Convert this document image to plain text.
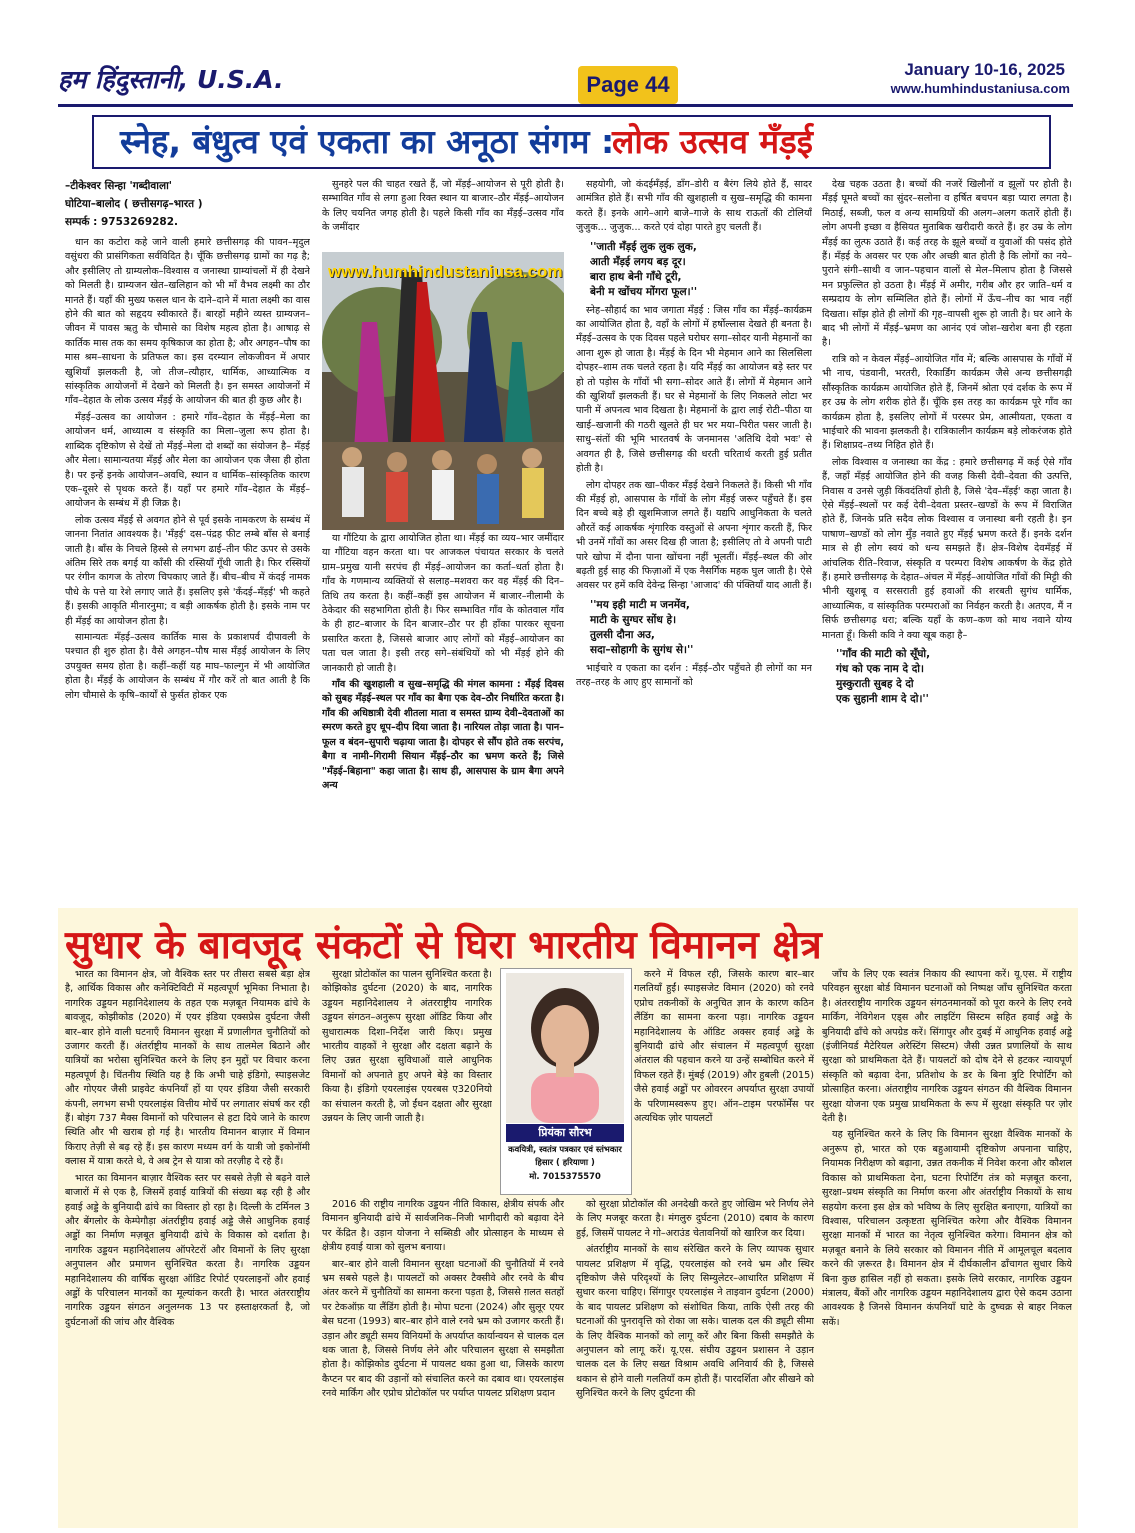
हम हिंदुस्तानी, U.S.A.	Page 44
January 10-16, 2025
www.humhindustaniusa.com
स्नेह, बंधुत्व एवं एकता का अनूठा संगम :
लोक उत्सव मँड़ई

–टीकेश्वर सिन्हा 'गब्दीवाला'

घोटिया–बालोद ( छत्तीसगढ़–भारत )

सम्पर्क : 9753269282.

धान का कटोरा कहे जाने वाली हमारे छत्तीसगढ़ की पावन–मृदुल वसुंधरा की प्रासंगिकता सर्वविदित है। चूँकि छत्तीसगढ़ ग्रामों का गढ़ है; और इसीलिए तो ग्राम्यलोक–विश्वास व जनास्था ग्राम्यांचलों में ही देखने को मिलती है। ग्राम्यजन खेत–खलिहान को भी माँ वैभव लक्ष्मी का ठौर मानते हैं। यहाँ की मुख्य फसल धान के दाने–दाने में माता लक्ष्मी का वास होने की बात को सहृदय स्वीकारते हैं। बारहों महीने व्यस्त ग्राम्यजन–जीवन में पावस ऋतु के चौमासे का विशेष महत्व होता है। आषाढ़ से कार्तिक मास तक का समय कृषिकाज का होता है; और अगहन–पौष का मास श्रम–साधना के प्रतिफल का। इस दरम्यान लोकजीवन में अपार खुशियाँ झलकती है, जो तीज–त्यौहार, धार्मिक, आध्यात्मिक व सांस्कृतिक आयोजनों में देखने को मिलती है। इन समस्त आयोजनों में गाँव–देहात के लोक उत्सव मँड़ई के आयोजन की बात ही कुछ और है।

मँड़ई–उत्सव का आयोजन : हमारे गाँव–देहात के मँड़ई–मेला का आयोजन धर्म, आध्यात्म व संस्कृति का मिला–जुला रूप होता है। शाब्दिक दृष्टिकोण से देखें तो मँड़ई–मेला दो शब्दों का संयोजन है– मँड़ई और मेला। सामान्यतया मँड़ई और मेला का आयोजन एक जैसा ही होता है। पर इन्हें इनके आयोजन–अवधि, स्थान व धार्मिक–सांस्कृतिक कारण एक–दूसरे से पृथक करते हैं। यहाँ पर हमारे गाँव–देहात के मँड़ई–आयोजन के सम्बंध में ही जिक्र है।

लोक उत्सव मँड़ई से अवगत होने से पूर्व इसके नामकरण के सम्बंध में जानना नितांत आवश्यक है। 'मँड़ई' दस–पंद्रह फीट लम्बे बाँस से बनाई जाती है। बाँस के निचले हिस्से से लगभग ढाई–तीन फीट ऊपर से उसके अंतिम सिरे तक बगई या काँसी की रस्सियाँ गूँथी जाती है। फिर रस्सियों पर रंगीन कागज के तोरण चिपकाए जाते हैं। बीच–बीच में कंदई नामक पौधे के पत्ते या रेशे लगाए जाते हैं। इसलिए इसे 'कँदई–मँड़ई' भी कहते हैं। इसकी आकृति मीनारनुमा; व बड़ी आकर्षक होती है। इसके नाम पर ही मँड़ई का आयोजन होता है।

सामान्यतः मँड़ई–उत्सव कार्तिक मास के प्रकाशपर्व दीपावली के पश्चात ही शुरु होता है। वैसे अगहन–पौष मास मँड़ई आयोजन के लिए उपयुक्त समय होता है। कहीं–कहीं यह माघ–फाल्गुन में भी आयोजित होता है। मँड़ई के आयोजन के सम्बंध में गौर करें तो बात आती है कि लोग चौमासे के कृषि–कार्यों से फुर्सत होकर एक

सुनहरे पल की चाहत रखते हैं, जो मँड़ई–आयोजन से पूरी होती है। सम्भावित गाँव से लगा हुआ रिक्त स्थान या बाजार–ठौर मँड़ई–आयोजन के लिए चयनित जगह होती है। पहले किसी गाँव का मँड़ई–उत्सव गाँव के जमींदार

www.humhindustaniusa.com

या गौंटिया के द्वारा आयोजित होता था। मँड़ई का व्यय–भार जमींदार या गौंटिया वहन करता था। पर आजकल पंचायत सरकार के चलते ग्राम–प्रमुख यानी सरपंच ही मँड़ई–आयोजन का कर्ता–धर्ता होता है। गाँव के गणमान्य व्यक्तियों से सलाह–मशवरा कर वह मँड़ई की दिन–तिथि तय करता है। कहीं–कहीं इस आयोजन में बाजार–नीलामी के ठेकेदार की सहभागिता होती है। फिर सम्भावित गाँव के कोतवाल गाँव के ही हाट–बाजार के दिन बाजार–ठौर पर ही हाँका पारकर सूचना प्रसारित करता है, जिससे बाजार आए लोगों को मँड़ई–आयोजन का पता चल जाता है। इसी तरह सगे–संबंधियों को भी मँड़ई होने की जानकारी हो जाती है।

गाँव की खुशहाली व सुख–समृद्धि की मंगल कामना : मँड़ई दिवस को सुबह मँड़ई–स्थल पर गाँव का बैगा एक देव–ठौर निर्धारित करता है। गाँव की अधिष्ठात्री देवी शीतला माता व समस्त ग्राम्य देवी–देवताओं का स्मरण करते हुए धूप–दीप दिया जाता है। नारियल तोड़ा जाता है। पान–फूल व बंदन–सुपारी चढ़ाया जाता है। दोपहर से सौंप होते तक सरपंच, बैगा व नामी–गिरामी सियान मँड़ई–ठौर का भ्रमण करते हैं; जिसे "मँड़ई–बिहाना" कहा जाता है। साथ ही, आसपास के ग्राम बैगा अपने अन्य

सहयोगी, जो कंदईमँड़ई, डाँग–डोरी व बैरंग लिये होते हैं, सादर आमंत्रित होते हैं। सभी गाँव की खुशहाली व सुख–समृद्धि की कामना करते हैं। इनके आगे–आगे बाजे–गाजे के साथ राऊतों की टोलियाँ जुजुक... जुजुक... करते एवं दोहा पारते हुए चलती हैं।

''जाती मँड़ई लुक लुक लुक,
आती मँड़ई लगय बड़ दूर।
बारा हाथ बेनी गाँथे टूरी,
बेनी म खोंचय मोंगरा फूल।''

स्नेह–सौहार्द का भाव जगाता मँड़ई : जिस गाँव का मँड़ई–कार्यक्रम का आयोजित होता है, वहाँ के लोगों में हर्षोल्लास देखते ही बनता है। मँड़ई–उत्सव के एक दिवस पहले घरोघर सगा–सोदर यानी मेहमानों का आना शुरू हो जाता है। मँड़ई के दिन भी मेहमान आने का सिलसिला दोपहर–शाम तक चलते रहता है। यदि मँड़ई का आयोजन बड़े स्तर पर हो तो पड़ोस के गाँवों भी सगा–सोदर आते हैं। लोगों में मेहमान आने की खुशियाँ झलकती हैं। घर से मेहमानों के लिए निकलते लोटा भर पानी में अपनत्व भाव दिखता है। मेहमानों के द्वारा लाई रोटी–पीठा या खाई–खजानी की गठरी खुलते ही घर भर मया–पिरीत पसर जाती है। साधु–संतों की भूमि भारतवर्ष के जनमानस 'अतिथि देवो भवः' से अवगत ही है, जिसे छत्तीसगढ़ की धरती चरितार्थ करती हुई प्रतीत होती है।

लोग दोपहर तक खा–पीकर मँड़ई देखने निकलते हैं। किसी भी गाँव की मँड़ई हो, आसपास के गाँवों के लोग मँड़ई जरूर पहुँचते हैं। इस दिन बच्चे बड़े ही खुशमिजाज लगते हैं। यद्यपि आधुनिकता के चलते औरतें कई आकर्षक शृंगारिक वस्तुओं से अपना शृंगार करती हैं, फिर भी उनमें गाँवों का असर दिख ही जाता है; इसीलिए तो वे अपनी पाटी पारे खोपा में दौना पाना खोंचना नहीं भूलतीं। मँड़ई–स्थल की ओर बढ़ती हुई साह की फिज़ाओं में एक नैसर्गिक महक घुल जाती है। ऐसे अवसर पर हमें कवि देवेन्द्र सिन्हा 'आजाद' की पंक्तियाँ याद आती हैं।

''मय इही माटी म जनमेंव,
माटी के सुग्घर सोंध हे।
तुलसी दौना अउ,
सदा–सोहागी के सुगंध से।''

भाईचारे व एकता का दर्शन : मँड़ई–ठौर पहुँचते ही लोगों का मन तरह–तरह के आए हुए सामानों को

देख चहक उठता है। बच्चों की नजरें खिलौनों व झूलों पर होती है। मँड़ई घूमते बच्चों का सुंदर–सलोना व हर्षित बचपन बड़ा प्यारा लगता है। मिठाई, सब्जी, फल व अन्य सामग्रियों की अलग–अलग कतारें होती हैं। लोग अपनी इच्छा व हैसियत मुताबिक खरीदारी करते हैं। हर उम्र के लोग मँड़ई का लुत्फ उठाते हैं। कई तरह के झूले बच्चों व युवाओं की पसंद होते हैं। मँड़ई के अवसर पर एक और अच्छी बात होती है कि लोगों का नये–पुराने संगी–साथी व जान–पहचान वालों से मेल–मिलाप होता है जिससे मन प्रफुल्लित हो उठता है। मँड़ई में अमीर, गरीब और हर जाति–धर्म व सम्प्रदाय के लोग सम्मिलित होते हैं। लोगों में ऊँच–नीच का भाव नहीं दिखता। साँझ होते ही लोगों की गृह–वापसी शुरू हो जाती है। घर आने के बाद भी लोगों में मँड़ई–भ्रमण का आनंद एवं जोश–खरोश बना ही रहता है।

रात्रि को न केवल मँड़ई–आयोजित गाँव में; बल्कि आसपास के गाँवों में भी नाच, पंडवानी, भरतरी, रिकार्डिंग कार्यक्रम जैसे अन्य छत्तीसगढ़ी सौंस्कृतिक कार्यक्रम आयोजित होते हैं, जिनमें श्रोता एवं दर्शक के रूप में हर उम्र के लोग शरीक होते हैं। चूँकि इस तरह का कार्यक्रम पूरे गाँव का कार्यक्रम होता है, इसलिए लोगों में परस्पर प्रेम, आत्मीयता, एकता व भाईचारे की भावना झलकती है। रात्रिकालीन कार्यक्रम बड़े लोकरंजक होते हैं। शिक्षाप्रद–तथ्य निहित होते हैं।

लोक विश्वास व जनास्था का केंद्र : हमारे छत्तीसगढ़ में कई ऐसे गाँव हैं, जहाँ मँड़ई आयोजित होने की वजह किसी देवी–देवता की उत्पत्ति, निवास व उनसे जुड़ी किंवदंतियाँ होती है, जिसे 'देव–मँड़ई' कहा जाता है। ऐसे मँड़ई–स्थलों पर कई देवी–देवता प्रस्तर–खण्डों के रूप में विराजित होते हैं, जिनके प्रति सदैव लोक विश्वास व जनास्था बनी रहती है। इन पाषाण–खण्डों को लोग मुँड़ नवाते हुए मँड़ई भ्रमण करते हैं। इनके दर्शन मात्र से ही लोग स्वयं को धन्य समझते हैं। क्षेत्र–विशेष देवमँड़ई में आंचलिक रीति–रिवाज, संस्कृति व परम्परा विशेष आकर्षण के केंद्र होते हैं। हमारे छत्तीसगढ़ के देहात–अंचल में मँड़ई–आयोजित गाँवों की मिट्टी की भीनी खुशबू व सरसराती हुई हवाओं की शरबती सुगंध धार्मिक, आध्यात्मिक, व सांस्कृतिक परम्पराओं का निर्वहन करती है। अतएव, मैं न सिर्फ छत्तीसगढ़ धरा; बल्कि यहाँ के कण–कण को माथ नवाने योग्य मानता हूँ। किसी कवि ने क्या खूब कहा है–

''गाँव की माटी को सूँघो,
गंध को एक नाम दे दो।
मुस्कुराती सुबह दे दो
एक सुहानी शाम दे दो।''
सुधार के बावजूद संकटों से घिरा भारतीय विमानन क्षेत्र

भारत का विमानन क्षेत्र, जो वैश्विक स्तर पर तीसरा सबसे बड़ा क्षेत्र है, आर्थिक विकास और कनेक्टिविटी में महत्वपूर्ण भूमिका निभाता है। नागरिक उड्डयन महानिदेशालय के तहत एक मज़बूत नियामक ढांचे के बावजूद, कोझीकोड (2020) में एयर इंडिया एक्सप्रेस दुर्घटना जैसी बार–बार होने वाली घटनाएँ विमानन सुरक्षा में प्रणालीगत चुनौतियों को उजागर करती हैं। अंतर्राष्ट्रीय मानकों के साथ तालमेल बिठाने और यात्रियों का भरोसा सुनिश्चित करने के लिए इन मुद्दों पर विचार करना महत्वपूर्ण है। चिंतनीय स्थिति यह है कि अभी चाहे इंडिगो, स्पाइसजेट और गोएयर जैसी प्राइवेट कंपनियाँ हों या एयर इंडिया जैसी सरकारी कंपनी, लगभग सभी एयरलाइंस वित्तीय मोर्चे पर लगातार संघर्ष कर रही हैं। बोइंग 737 मैक्स विमानों को परिचालन से हटा दिये जाने के कारण स्थिति और भी खराब हो गई है। भारतीय विमानन बाज़ार में विमान किराए तेज़ी से बढ़ रहे हैं। इस कारण मध्यम वर्ग के यात्री जो इकोनॉमी क्लास में यात्रा करते थे, वे अब ट्रेन से यात्रा को तरज़ीह दे रहे हैं।

भारत का विमानन बाज़ार वैश्विक स्तर पर सबसे तेज़ी से बढ़ने वाले बाजारों में से एक है, जिसमें हवाई यात्रियों की संख्या बढ़ रही है और हवाई अड्डे के बुनियादी ढांचे का विस्तार हो रहा है। दिल्ली के टर्मिनल 3 और बेंगलोर के केम्पेगौड़ा अंतर्राष्ट्रीय हवाई अड्डे जैसे आधुनिक हवाई अड्डों का निर्माण मज़बूत बुनियादी ढांचे के विकास को दर्शाता है। नागरिक उड्डयन महानिदेशालय ऑपरेटरों और विमानों के लिए सुरक्षा अनुपालन और प्रमाणन सुनिश्चित करता है। नागरिक उड्डयन महानिदेशालय की वार्षिक सुरक्षा ऑडिट रिपोर्ट एयरलाइनों और हवाई अड्डों के परिचालन मानकों का मूल्यांकन करती है। भारत अंतरराष्ट्रीय नागरिक उड्डयन संगठन अनुलग्नक 13 पर हस्ताक्षरकर्ता है, जो दुर्घटनाओं की जांच और वैश्विक

सुरक्षा प्रोटोकॉल का पालन सुनिश्चित करता है। कोझिकोड दुर्घटना (2020) के बाद, नागरिक उड्डयन महानिदेशालय ने अंतरराष्ट्रीय नागरिक उड्डयन संगठन–अनुरूप सुरक्षा ऑडिट किया और सुधारात्मक दिशा–निर्देश जारी किए। प्रमुख भारतीय वाहकों ने सुरक्षा और दक्षता बढ़ाने के लिए उन्नत सुरक्षा सुविधाओं वाले आधुनिक विमानों को अपनाते हुए अपने बेड़े का विस्तार किया है। इंडिगो एयरलाइंस एयरबस ए320नियो का संचालन करती है, जो ईंधन दक्षता और सुरक्षा उन्नयन के लिए जानी जाती है।

प्रियंका सौरभ
कवयित्री, स्वतंत्र पत्रकार एवं स्तंभकार
हिसार ( हरियाणा )
मो. 7015375570

2016 की राष्ट्रीय नागरिक उड्डयन नीति विकास, क्षेत्रीय संपर्क और विमानन बुनियादी ढांचे में सार्वजनिक–निजी भागीदारी को बढ़ावा देने पर केंद्रित है। उड़ान योजना ने सब्सिडी और प्रोत्साहन के माध्यम से क्षेत्रीय हवाई यात्रा को सुलभ बनाया।

बार–बार होने वाली विमानन सुरक्षा घटनाओं की चुनौतियों में रनवे भ्रम सबसे पहले है। पायलटों को अक्सर टैक्सीवे और रनवे के बीच अंतर करने में चुनौतियों का सामना करना पड़ता है, जिससे ग़लत सतहों पर टेकऑफ़ या लैंडिंग होती है। मोपा घटना (2024) और सुलूर एयर बेस घटना (1993) बार–बार होने वाले रनवे भ्रम को उजागर करती हैं। उड़ान और ड्यूटी समय विनियमों के अपर्याप्त कार्यान्वयन से चालक दल थक जाता है, जिससे निर्णय लेने और परिचालन सुरक्षा से समझौता होता है। कोझिकोड दुर्घटना में पायलट थका हुआ था, जिसके कारण कैप्टन पर बाद की उड़ानों को संचालित करने का दबाव था। एयरलाइंस रनवे मार्किंग और एप्रोच प्रोटोकॉल पर पर्याप्त पायलट प्रशिक्षण प्रदान

करने में विफल रही, जिसके कारण बार–बार गलतियाँ हुईं। स्पाइसजेट विमान (2020) को रनवे एप्रोच तकनीकों के अनुचित ज्ञान के कारण कठिन लैंडिंग का सामना करना पड़ा। नागरिक उड्डयन महानिदेशालय के ऑडिट अक्सर हवाई अड्डे के बुनियादी ढांचे और संचालन में महत्वपूर्ण सुरक्षा अंतराल की पहचान करने या उन्हें सम्बोधित करने में विफल रहते हैं। मुंबई (2019) और हुबली (2015) जैसे हवाई अड्डों पर ओवररन अपर्याप्त सुरक्षा उपायों के परिणामस्वरूप हुए। ऑन–टाइम परफॉर्मेंस पर अत्यधिक ज़ोर पायलटों

को सुरक्षा प्रोटोकॉल की अनदेखी करते हुए जोखिम भरे निर्णय लेने के लिए मजबूर करता है। मंगलुरु दुर्घटना (2010) दबाव के कारण हुई, जिसमें पायलट ने गो–अराउंड चेतावनियों को खारिज कर दिया।

अंतर्राष्ट्रीय मानकों के साथ संरेखित करने के लिए व्यापक सुधार पायलट प्रशिक्षण में वृद्धि, एयरलाइंस को रनवे भ्रम और स्थिर दृष्टिकोण जैसे परिदृश्यों के लिए सिम्युलेटर–आधारित प्रशिक्षण में सुधार करना चाहिए। सिंगापुर एयरलाइंस ने ताइवान दुर्घटना (2000) के बाद पायलट प्रशिक्षण को संशोधित किया, ताकि ऐसी तरह की घटनाओं की पुनरावृत्ति को रोका जा सके। चालक दल की ड्यूटी सीमा के लिए वैश्विक मानकों को लागू करें और बिना किसी समझौते के अनुपालन को लागू करें। यू.एस. संघीय उड्डयन प्रशासन ने उड़ान चालक दल के लिए सख्त विश्राम अवधि अनिवार्य की है, जिससे थकान से होने वाली गलतियाँ कम होती हैं। पारदर्शिता और सीखने को सुनिश्चित करने के लिए दुर्घटना की

जाँच के लिए एक स्वतंत्र निकाय की स्थापना करें। यू.एस. में राष्ट्रीय परिवहन सुरक्षा बोर्ड विमानन घटनाओं को निष्पक्ष जाँच सुनिश्चित करता है। अंतरराष्ट्रीय नागरिक उड्डयन संगठनमानकों को पूरा करने के लिए रनवे मार्किंग, नेविगेशन एड्स और लाइटिंग सिस्टम सहित हवाई अड्डे के बुनियादी ढाँचे को अपग्रेड करें। सिंगापुर और दुबई में आधुनिक हवाई अड्डे (इंजीनियर्ड मैटेरियल अरेस्टिंग सिस्टम) जैसी उन्नत प्रणालियों के साथ सुरक्षा को प्राथमिकता देते हैं। पायलटों को दोष देने से हटकर न्यायपूर्ण संस्कृति को बढ़ावा देना, प्रतिशोध के डर के बिना त्रुटि रिपोर्टिंग को प्रोत्साहित करना। अंतराष्ट्रीय नागरिक उड्डयन संगठन की वैश्विक विमानन सुरक्षा योजना एक प्रमुख प्राथमिकता के रूप में सुरक्षा संस्कृति पर ज़ोर देती है।

यह सुनिश्चित करने के लिए कि विमानन सुरक्षा वैश्विक मानकों के अनुरूप हो, भारत को एक बहुआयामी दृष्टिकोण अपनाना चाहिए, नियामक निरीक्षण को बढ़ाना, उन्नत तकनीक में निवेश करना और कौशल विकास को प्राथमिकता देना, घटना रिपोर्टिंग तंत्र को मज़बूत करना, सुरक्षा–प्रथम संस्कृति का निर्माण करना और अंतर्राष्ट्रीय निकायों के साथ सहयोग करना इस क्षेत्र को भविष्य के लिए सुरक्षित बनाएगा, यात्रियों का विश्वास, परिचालन उत्कृष्टता सुनिश्चित करेगा और वैश्विक विमानन सुरक्षा मानकों में भारत का नेतृत्व सुनिश्चित करेगा। विमानन क्षेत्र को मज़बूत बनाने के लिये सरकार को विमानन नीति में आमूलचूल बदलाव करने की ज़रूरत है। विमानन क्षेत्र में दीर्घकालीन ढाँचागत सुधार किये बिना कुछ हासिल नहीं हो सकता। इसके लिये सरकार, नागरिक उड्डयन मंत्रालय, बैंकों और नागरिक उड्डयन महानिदेशालय द्वारा ऐसे कदम उठाना आवश्यक है जिनसे विमानन कंपनियाँ घाटे के दुष्चक्र से बाहर निकल सकें।
